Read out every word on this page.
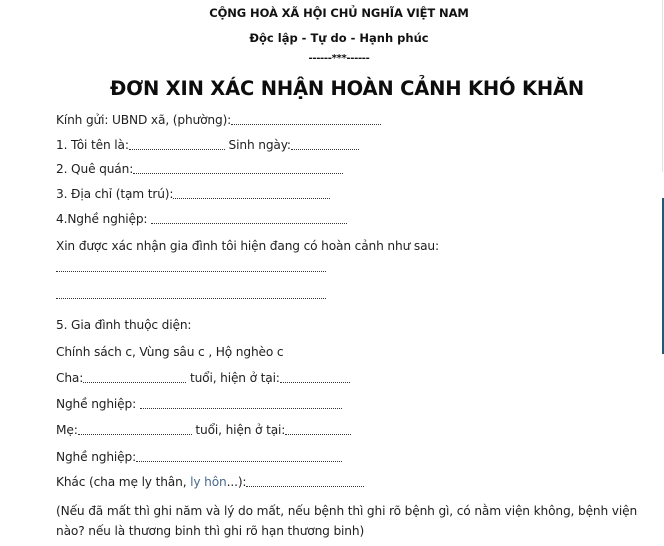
CỘNG HOÀ XÃ HỘI CHỦ NGHĨA VIỆT NAM
Độc lập - Tự do - Hạnh phúc
------***------
ĐƠN XIN XÁC NHẬN HOÀN CẢNH KHÓ KHĂN
Kính gửi: UBND xã, (phường):
1. Tôi tên là:	Sinh ngày:
2. Quê quán:
3. Địa chỉ (tạm trú):
4.Nghề nghiệp:
Xin được xác nhận gia đình tôi hiện đang có hoàn cảnh như sau:
5. Gia đình thuộc diện:
Chính sách c, Vùng sâu c , Hộ nghèo c
Cha:	tuổi, hiện ở tại:
Nghề nghiệp:
Mẹ:	tuổi, hiện ở tại:
Nghề nghiệp:
Khác (cha mẹ ly thân, ly hôn...):
(Nếu đã mất thì ghi năm và lý do mất, nếu bệnh thì ghi rõ bệnh gì, có nằm viện không, bệnh viện nào? nếu là thương binh thì ghi rõ hạn thương binh)
